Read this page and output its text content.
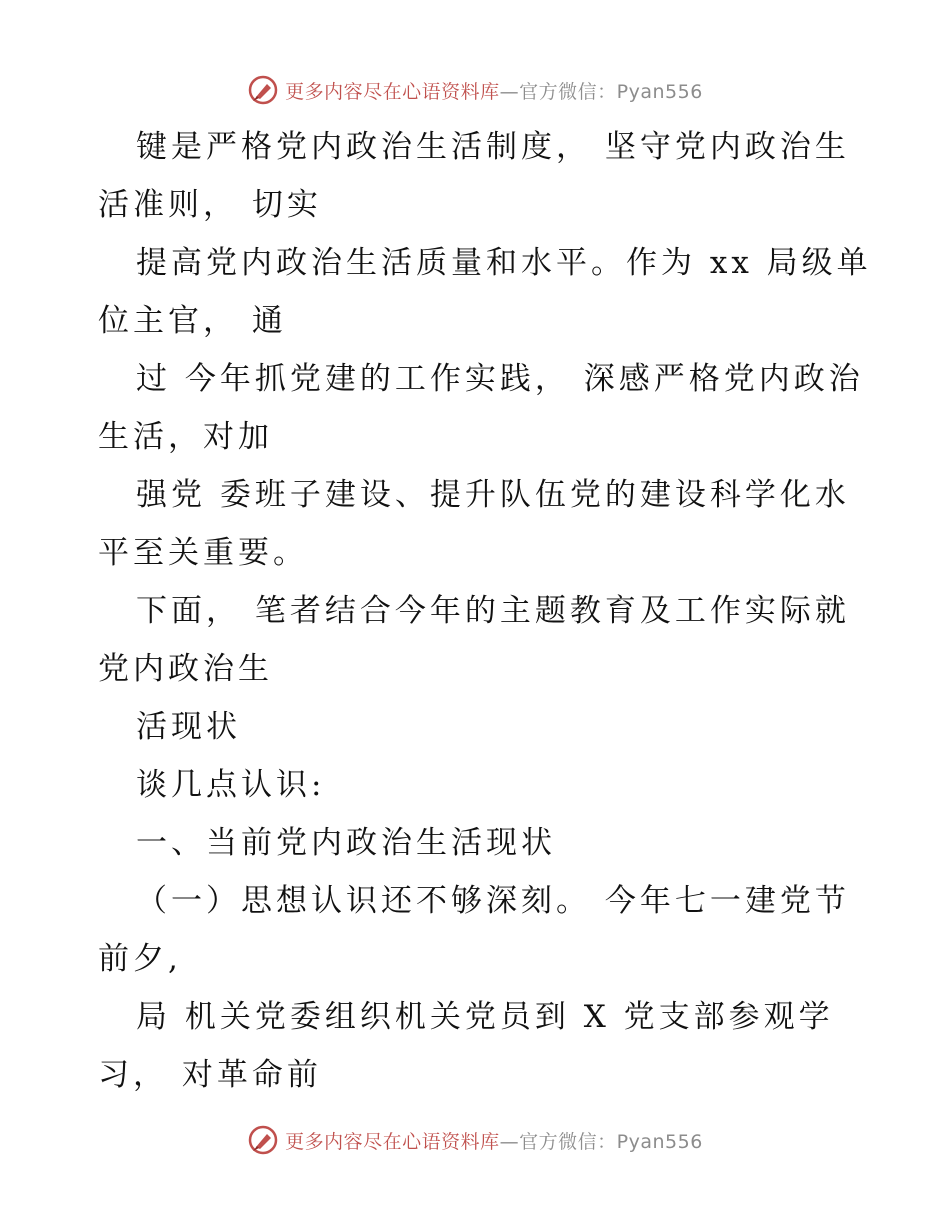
更多内容尽在心语资料库—官方微信：Pyan556
键是严格党内政治生活制度， 坚守党内政治生
活准则， 切实
提高党内政治生活质量和水平。作为 xx 局级单
位主官， 通
过 今年抓党建的工作实践， 深感严格党内政治
生活，对加
强党 委班子建设、提升队伍党的建设科学化水
平至关重要。
下面， 笔者结合今年的主题教育及工作实际就
党内政治生
活现状
谈几点认识:
一、当前党内政治生活现状
（一）思想认识还不够深刻。 今年七一建党节
前夕,
局 机关党委组织机关党员到 X 党支部参观学
习， 对革命前
更多内容尽在心语资料库—官方微信：Pyan556
